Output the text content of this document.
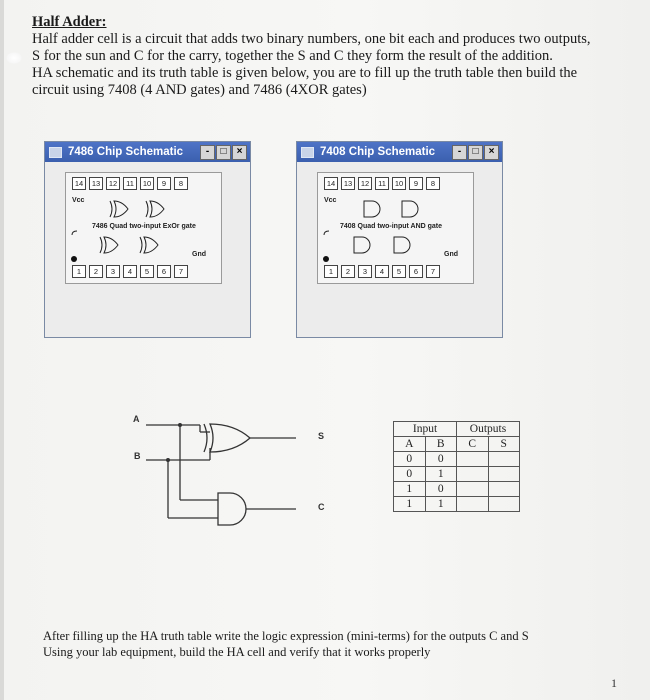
Half Adder:
Half adder cell is a circuit that adds two binary numbers, one bit each and produces two outputs,
S for the sun and C for the carry, together the S and C they form the result of the addition.
HA schematic and its truth table is given below, you are to fill up the truth table then build the
circuit using 7408 (4 AND gates) and 7486 (4XOR gates)
7486 Chip Schematic	-	□	×
14	13	12	11	10	9	8
Vcc
7486 Quad two-input ExOr gate
Gnd
1	2	3	4	5	6	7
7408 Chip Schematic	-	□	×
14	13	12	11	10	9	8
Vcc
7408 Quad two-input AND gate
Gnd
1	2	3	4	5	6	7
A
B
S
C
Input		Outputs	
A	B	C	S
0	0		
0	1		
1	0		
1	1		
After filling up the HA truth table write the logic expression (mini-terms) for the outputs C and S
Using your lab equipment, build the HA cell and verify that it works properly
1
